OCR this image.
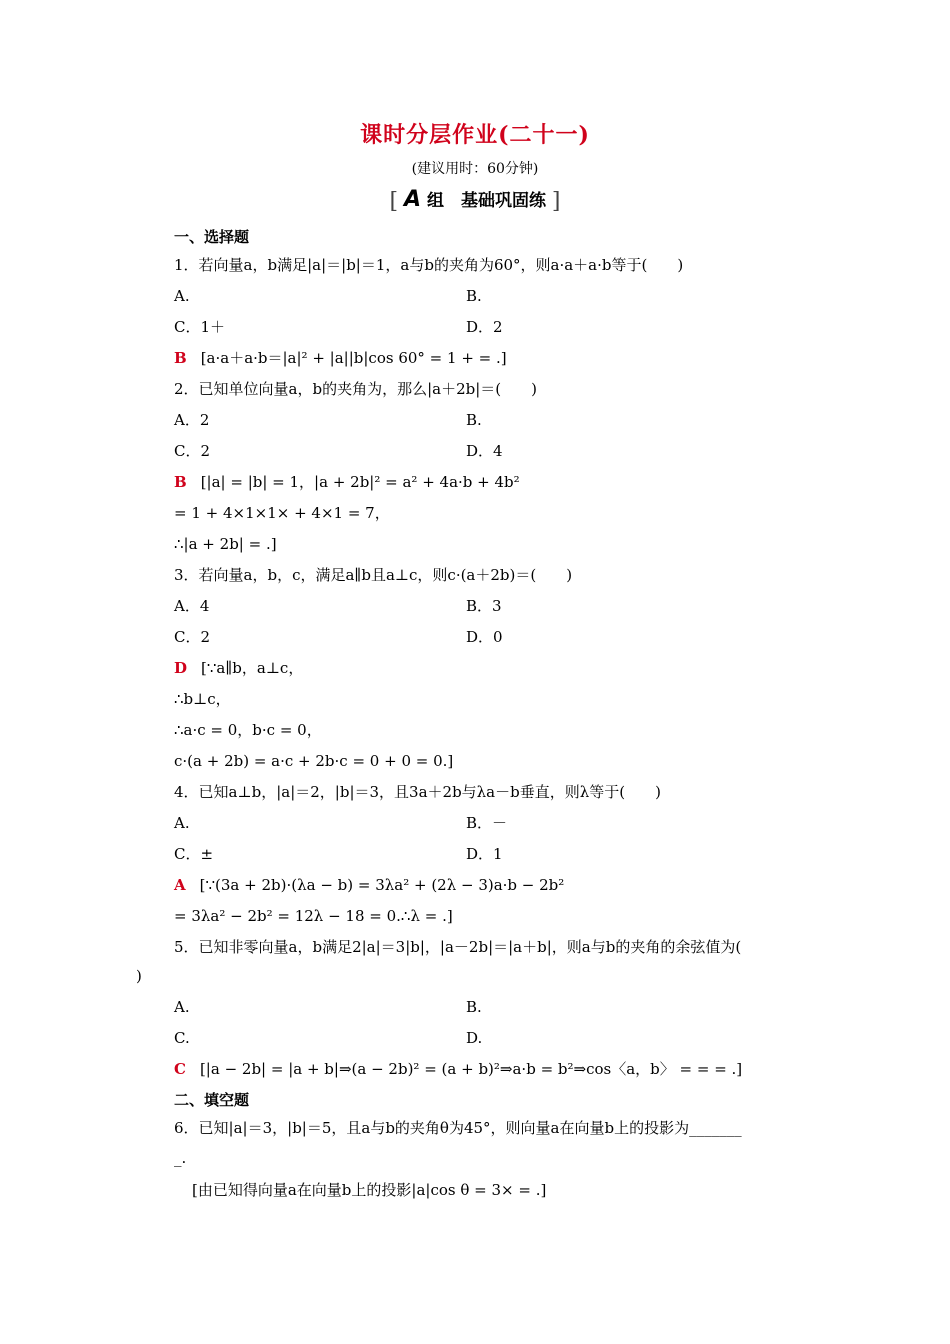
课时分层作业(二十一)
(建议用时：60分钟)
[ A 组　基础巩固练 ]
一、选择题
1．若向量a，b满足|a|＝|b|＝1，a与b的夹角为60°，则a·a＋a·b等于(　　)
A.	B.
C．1＋	D．2
B [a·a＋a·b＝|a|² + |a||b|cos 60° = 1 + = .]
2．已知单位向量a，b的夹角为，那么|a＋2b|＝(　　)
A．2	B.
C．2	D．4
B [|a| = |b| = 1，|a + 2b|² = a² + 4a·b + 4b²
= 1 + 4×1×1× + 4×1 = 7，
∴|a + 2b| = .]
3．若向量a，b，c，满足a∥b且a⊥c，则c·(a＋2b)＝(　　)
A．4	B．3
C．2	D．0
D [∵a∥b，a⊥c，
∴b⊥c，
∴a·c = 0，b·c = 0，
c·(a + 2b) = a·c + 2b·c = 0 + 0 = 0.]
4．已知a⊥b，|a|＝2，|b|＝3，且3a＋2b与λa－b垂直，则λ等于(　　)
A.	B．－
C．±	D．1
A [∵(3a + 2b)·(λa − b) = 3λa² + (2λ − 3)a·b − 2b²
= 3λa² − 2b² = 12λ − 18 = 0.∴λ = .]
5．已知非零向量a，b满足2|a|＝3|b|，|a－2b|＝|a＋b|，则a与b的夹角的余弦值为(
)
A.	B.
C.	D.
C [|a − 2b| = |a + b|⇒(a − 2b)² = (a + b)²⇒a·b = b²⇒cos〈a，b〉 = = = .]
二、填空题
6．已知|a|＝3，|b|＝5，且a与b的夹角θ为45°，则向量a在向量b上的投影为_______
_.
[由已知得向量a在向量b上的投影|a|cos θ = 3× = .]
